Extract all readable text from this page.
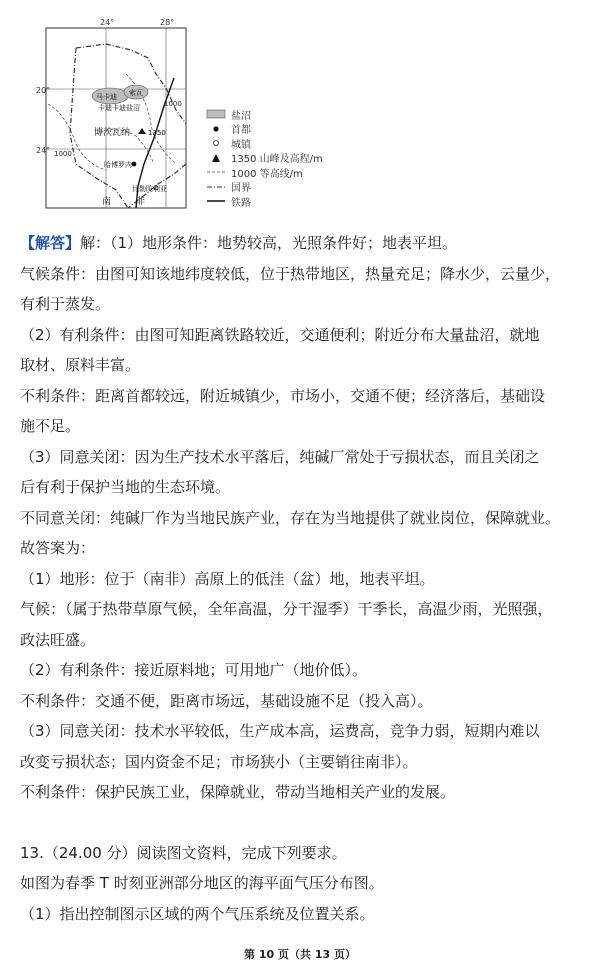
20°
24°
24°	28°
1000
1000
马卡迪 索瓦
卡迪卡迪盐沼
博茨瓦纳	1350
哈博罗内
比勒陀利亚
南	非
盐沼
首都
城镇
1350 山峰及高程/m
1000 等高线/m
国界
铁路
【解答】解：（1）地形条件：地势较高，光照条件好；地表平坦。
气候条件：由图可知该地纬度较低，位于热带地区，热量充足；降水少，云量少，
有利于蒸发。
（2）有利条件：由图可知距离铁路较近，交通便利；附近分布大量盐沼，就地
取材、原料丰富。
不利条件：距离首都较远，附近城镇少，市场小，交通不便；经济落后，基础设
施不足。
（3）同意关闭：因为生产技术水平落后，纯碱厂常处于亏损状态，而且关闭之
后有利于保护当地的生态环境。
不同意关闭：纯碱厂作为当地民族产业，存在为当地提供了就业岗位，保障就业。
故答案为：
（1）地形：位于（南非）高原上的低洼（盆）地，地表平坦。
气候：（属于热带草原气候，全年高温，分干湿季）干季长，高温少雨，光照强，
政法旺盛。
（2）有利条件：接近原料地；可用地广（地价低）。
不利条件：交通不便，距离市场远，基础设施不足（投入高）。
（3）同意关闭：技术水平较低，生产成本高，运费高，竞争力弱，短期内难以
改变亏损状态；国内资金不足；市场狭小（主要销往南非）。
不利条件：保护民族工业，保障就业，带动当地相关产业的发展。
13.（24.00 分）阅读图文资料，完成下列要求。
如图为春季 T 时刻亚洲部分地区的海平面气压分布图。
（1）指出控制图示区域的两个气压系统及位置关系。
第 10 页（共 13 页）
